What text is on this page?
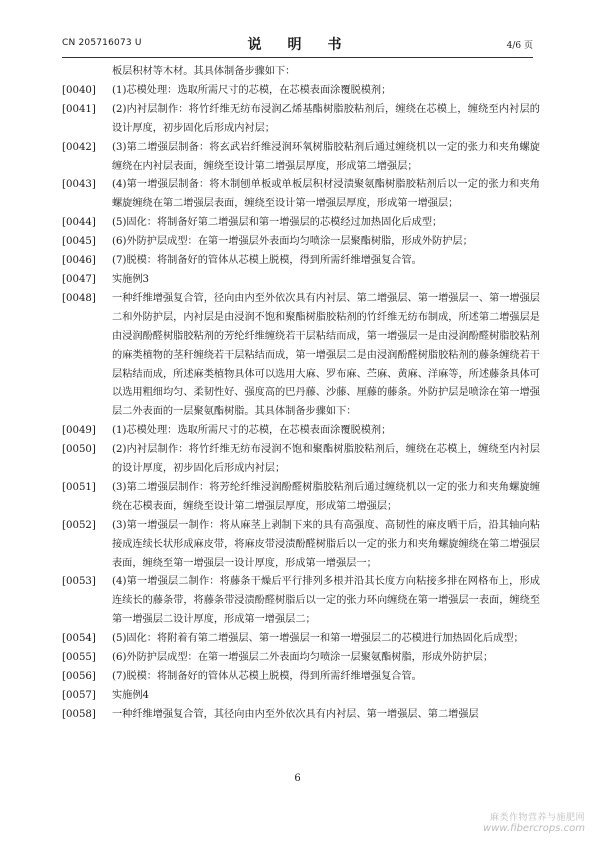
CN 205716073 U	说　明　书	4/6 页
板层积材等木材。其具体制备步骤如下：
[0040]	(1)芯模处理：选取所需尺寸的芯模，在芯模表面涂覆脱模剂；
[0041]	(2)内衬层制作：将竹纤维无纺布浸润乙烯基酯树脂胶粘剂后，缠绕在芯模上，缠绕至内衬层的设计厚度，初步固化后形成内衬层；
[0042]	(3)第二增强层制备：将玄武岩纤维浸润环氧树脂胶粘剂后通过缠绕机以一定的张力和夹角螺旋缠绕在内衬层表面，缠绕至设计第二增强层厚度，形成第二增强层；
[0043]	(4)第一增强层制备：将木制刨单板或单板层积材浸渍聚氨酯树脂胶粘剂后以一定的张力和夹角螺旋缠绕在第二增强层表面，缠绕至设计第一增强层厚度，形成第一增强层；
[0044]	(5)固化：将制备好第二增强层和第一增强层的芯模经过加热固化后成型；
[0045]	(6)外防护层成型：在第一增强层外表面均匀喷涂一层聚酯树脂，形成外防护层；
[0046]	(7)脱模：将制备好的管体从芯模上脱模，得到所需纤维增强复合管。
[0047]	实施例3
[0048]	一种纤维增强复合管，径向由内至外依次具有内衬层、第二增强层、第一增强层一、第一增强层二和外防护层，内衬层是由浸润不饱和聚酯树脂胶粘剂的竹纤维无纺布制成，所述第二增强层是由浸润酚醛树脂胶粘剂的芳纶纤维缠绕若干层粘结而成，第一增强层一是由浸润酚醛树脂胶粘剂的麻类植物的茎秆缠绕若干层粘结而成，第一增强层二是由浸润酚醛树脂胶粘剂的藤条缠绕若干层粘结而成，所述麻类植物具体可以选用大麻、罗布麻、苎麻、黄麻、洋麻等，所述藤条具体可以选用粗细均匀、柔韧性好、强度高的巴丹藤、沙藤、厘藤的藤条。外防护层是喷涂在第一增强层二外表面的一层聚氨酯树脂。其具体制备步骤如下：
[0049]	(1)芯模处理：选取所需尺寸的芯模，在芯模表面涂覆脱模剂；
[0050]	(2)内衬层制作：将竹纤维无纺布浸润不饱和聚酯树脂胶粘剂后，缠绕在芯模上，缠绕至内衬层的设计厚度，初步固化后形成内衬层；
[0051]	(3)第二增强层制作：将芳纶纤维浸润酚醛树脂胶粘剂后通过缠绕机以一定的张力和夹角螺旋缠绕在芯模表面，缠绕至设计第二增强层厚度，形成第二增强层；
[0052]	(3)第一增强层一制作：将从麻茎上剥制下来的具有高强度、高韧性的麻皮晒干后，沿其轴向粘接成连续长状形成麻皮带，将麻皮带浸渍酚醛树脂后以一定的张力和夹角螺旋缠绕在第二增强层表面，缠绕至第一增强层一设计厚度，形成第一增强层一；
[0053]	(4)第一增强层二制作：将藤条干燥后平行排列多根并沿其长度方向粘接多排在网格布上，形成连续长的藤条带，将藤条带浸渍酚醛树脂后以一定的张力环向缠绕在第一增强层一表面，缠绕至第一增强层二设计厚度，形成第一增强层二；
[0054]	(5)固化：将附着有第二增强层、第一增强层一和第一增强层二的芯模进行加热固化后成型；
[0055]	(6)外防护层成型：在第一增强层二外表面均匀喷涂一层聚氨酯树脂，形成外防护层；
[0056]	(7)脱模：将制备好的管体从芯模上脱模，得到所需纤维增强复合管。
[0057]	实施例4
[0058]	一种纤维增强复合管，其径向由内至外依次具有内衬层、第一增强层、第二增强层
6
麻类作物营养与施肥网
www.fibercrops.com
